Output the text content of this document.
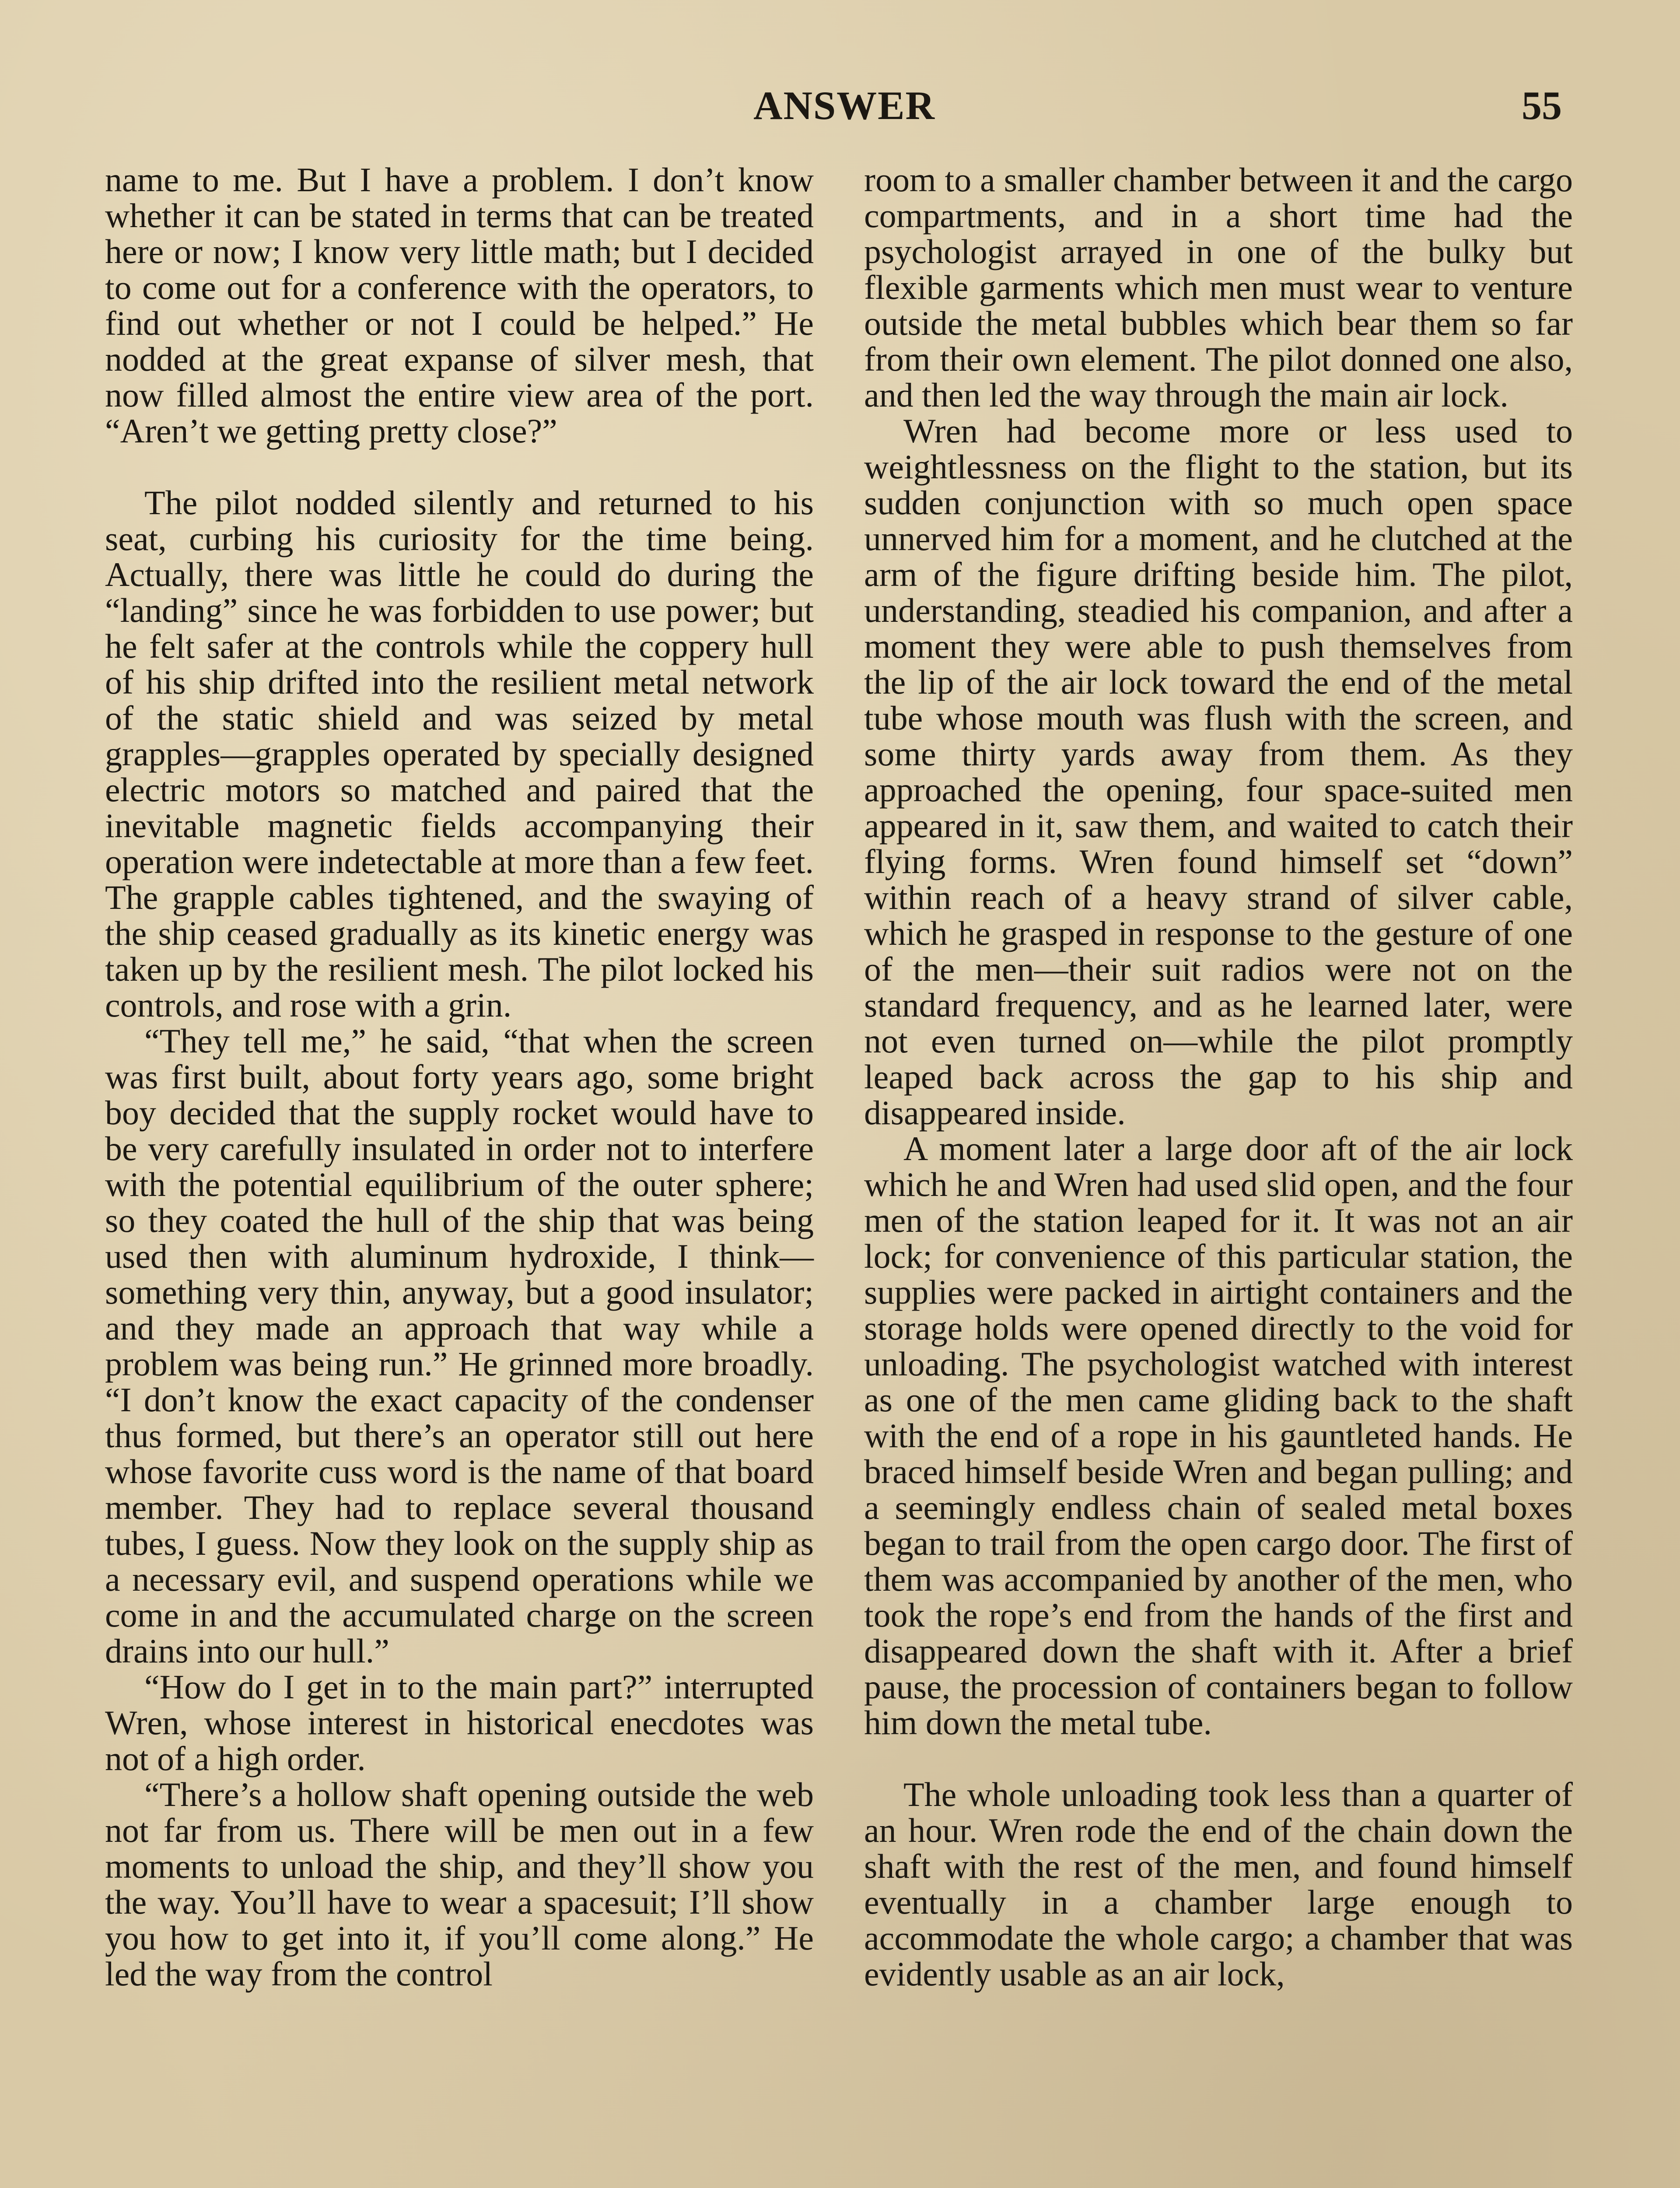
ANSWER	55

name to me. But I have a problem. I don’t know whether it can be stated in terms that can be treated here or now; I know very little math; but I decided to come out for a conference with the operators, to find out whether or not I could be helped.” He nodded at the great expanse of silver mesh, that now filled almost the entire view area of the port. “Aren’t we getting pretty close?”

The pilot nodded silently and returned to his seat, curbing his curiosity for the time being. Actually, there was little he could do during the “landing” since he was forbidden to use power; but he felt safer at the controls while the coppery hull of his ship drifted into the resilient metal network of the static shield and was seized by metal grapples—grapples operated by specially designed electric motors so matched and paired that the inevitable magnetic fields accompanying their operation were indetectable at more than a few feet. The grapple cables tightened, and the swaying of the ship ceased gradually as its kinetic energy was taken up by the resilient mesh. The pilot locked his controls, and rose with a grin.

“They tell me,” he said, “that when the screen was first built, about forty years ago, some bright boy decided that the supply rocket would have to be very carefully insulated in order not to interfere with the potential equilibrium of the outer sphere; so they coated the hull of the ship that was being used then with aluminum hydroxide, I think—something very thin, anyway, but a good insulator; and they made an approach that way while a problem was being run.” He grinned more broadly. “I don’t know the exact capacity of the condenser thus formed, but there’s an operator still out here whose favorite cuss word is the name of that board member. They had to replace several thousand tubes, I guess. Now they look on the supply ship as a necessary evil, and suspend operations while we come in and the accumulated charge on the screen drains into our hull.”

“How do I get in to the main part?” interrupted Wren, whose interest in historical enecdotes was not of a high order.

“There’s a hollow shaft opening outside the web not far from us. There will be men out in a few moments to unload the ship, and they’ll show you the way. You’ll have to wear a spacesuit; I’ll show you how to get into it, if you’ll come along.” He led the way from the control

room to a smaller chamber between it and the cargo compartments, and in a short time had the psychologist arrayed in one of the bulky but flexible garments which men must wear to venture outside the metal bubbles which bear them so far from their own element. The pilot donned one also, and then led the way through the main air lock.

Wren had become more or less used to weightlessness on the flight to the station, but its sudden conjunction with so much open space unnerved him for a moment, and he clutched at the arm of the figure drifting beside him. The pilot, understanding, steadied his companion, and after a moment they were able to push themselves from the lip of the air lock toward the end of the metal tube whose mouth was flush with the screen, and some thirty yards away from them. As they approached the opening, four space-suited men appeared in it, saw them, and waited to catch their flying forms. Wren found himself set “down” within reach of a heavy strand of silver cable, which he grasped in response to the gesture of one of the men—their suit radios were not on the standard frequency, and as he learned later, were not even turned on—while the pilot promptly leaped back across the gap to his ship and disappeared inside.

A moment later a large door aft of the air lock which he and Wren had used slid open, and the four men of the station leaped for it. It was not an air lock; for convenience of this particular station, the supplies were packed in airtight containers and the storage holds were opened directly to the void for unloading. The psychologist watched with interest as one of the men came gliding back to the shaft with the end of a rope in his gauntleted hands. He braced himself beside Wren and began pulling; and a seemingly endless chain of sealed metal boxes began to trail from the open cargo door. The first of them was accompanied by another of the men, who took the rope’s end from the hands of the first and disappeared down the shaft with it. After a brief pause, the procession of containers began to follow him down the metal tube.

The whole unloading took less than a quarter of an hour. Wren rode the end of the chain down the shaft with the rest of the men, and found himself eventually in a chamber large enough to accommodate the whole cargo; a chamber that was evidently usable as an air lock,
